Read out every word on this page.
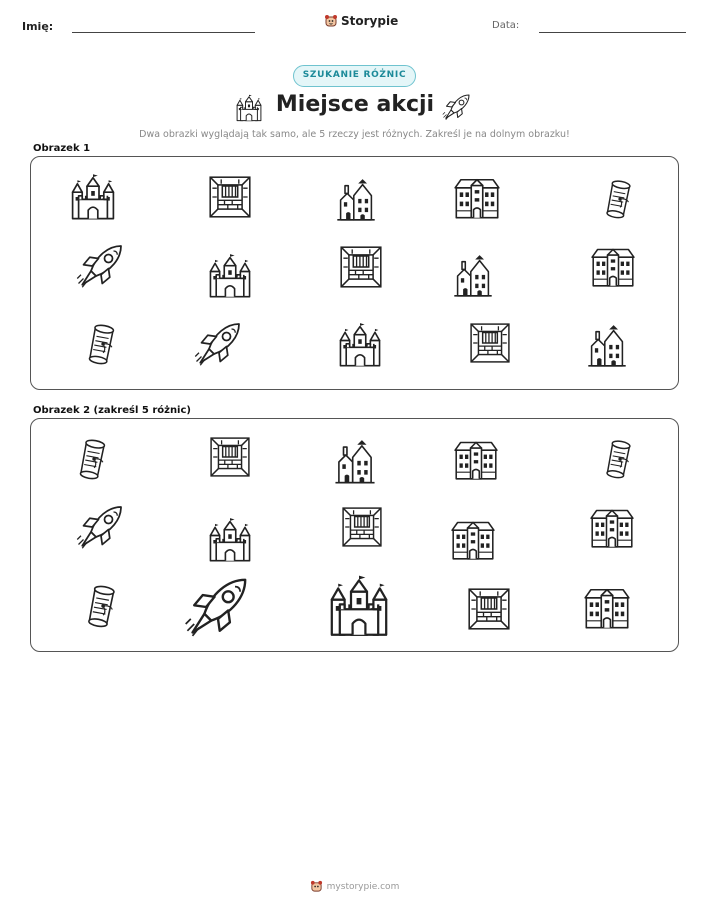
Imię:	Storypie	Data:
SZUKANIE RÓŻNIC
Miejsce akcji
Dwa obrazki wyglądają tak samo, ale 5 rzeczy jest różnych. Zakreśl je na dolnym obrazku!
Obrazek 1
Obrazek 2 (zakreśl 5 różnic)
mystorypie.com
